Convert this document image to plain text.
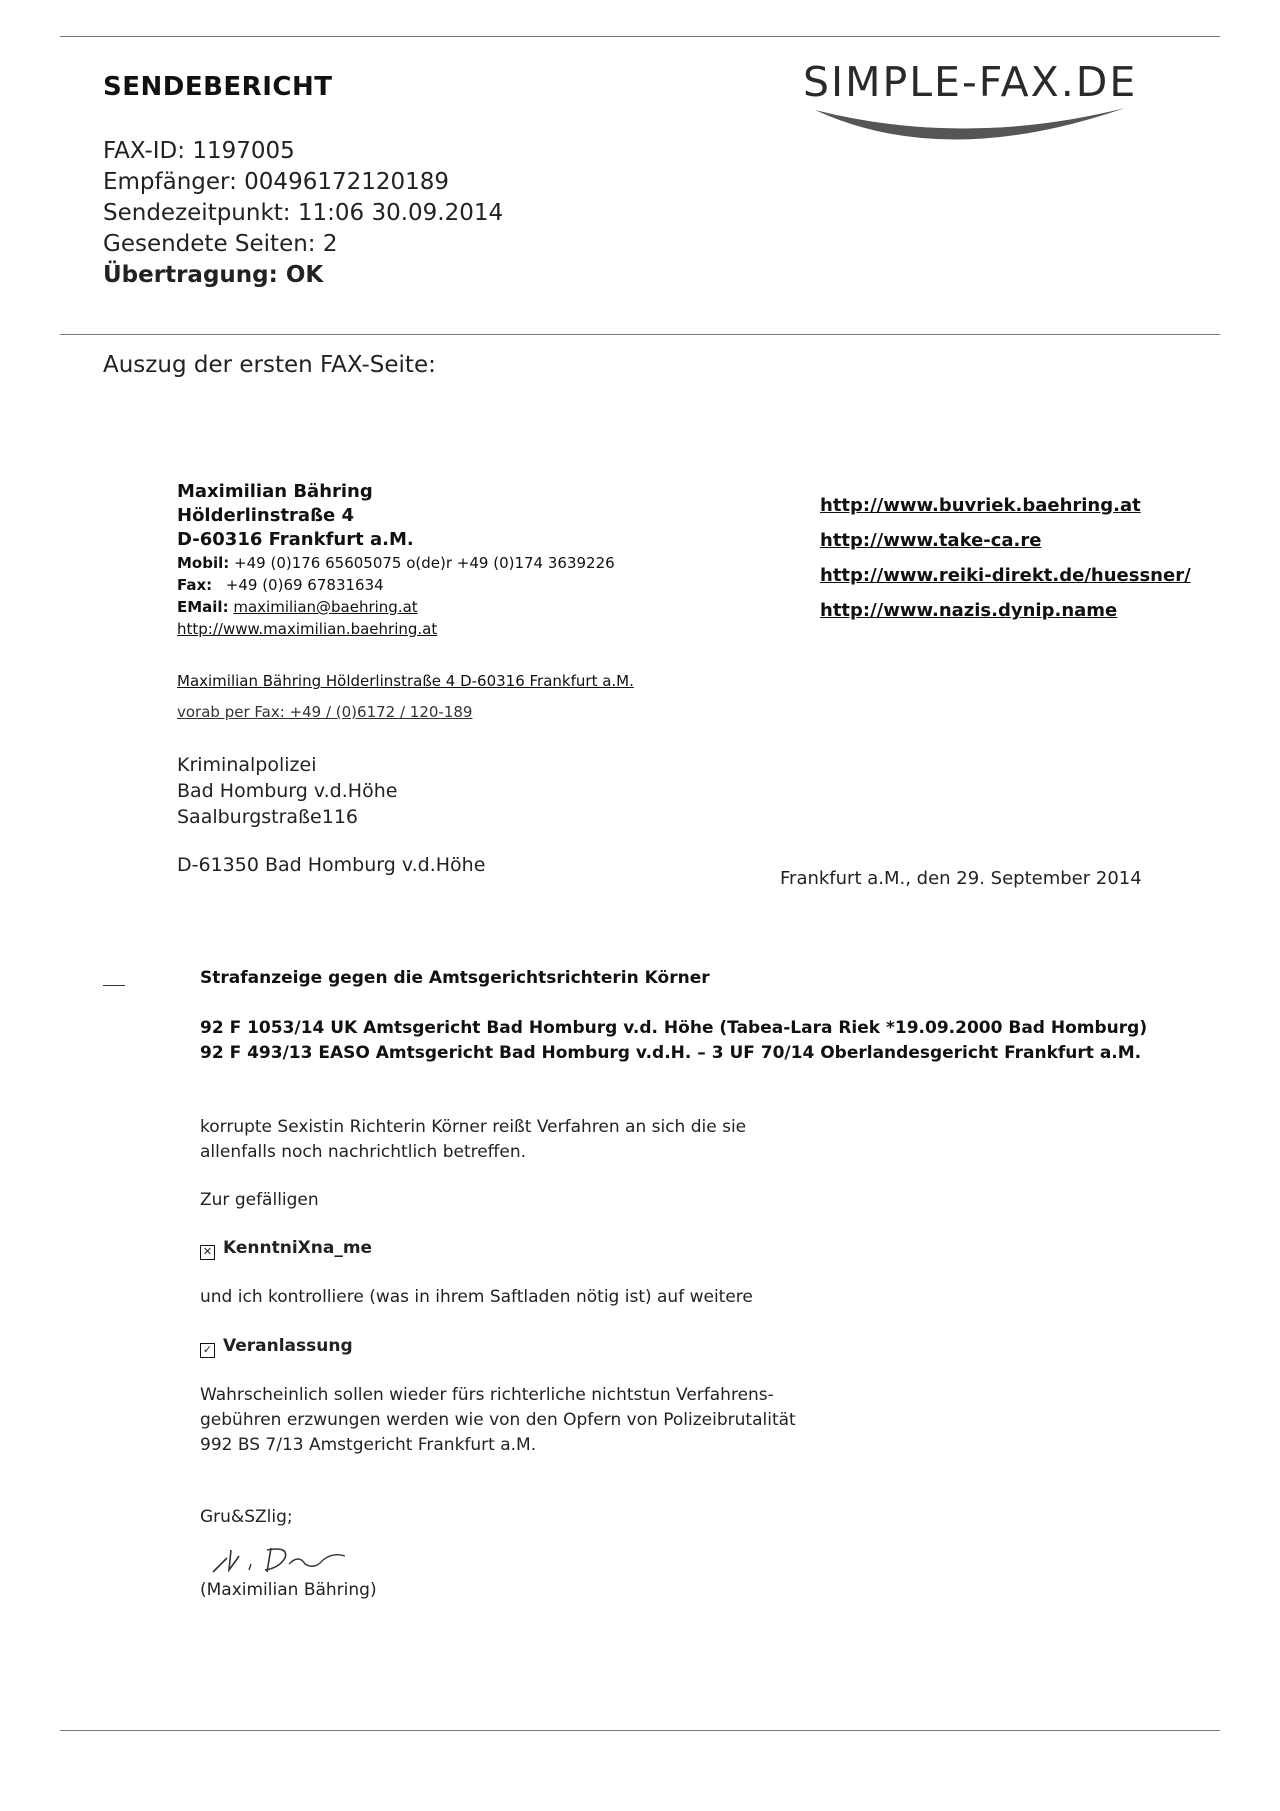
SENDEBERICHT	SIMPLE-FAX.DE
FAX-ID: 1197005
Empfänger: 00496172120189
Sendezeitpunkt: 11:06 30.09.2014
Gesendete Seiten: 2
Übertragung: OK
Auszug der ersten FAX-Seite:
Maximilian Bähring
Hölderlinstraße 4
D-60316 Frankfurt a.M.
Mobil: +49 (0)176 65605075 o(de)r +49 (0)174 3639226
Fax: +49 (0)69 67831634
EMail: maximilian@baehring.at
http://www.maximilian.baehring.at
http://www.buvriek.baehring.at
http://www.take-ca.re
http://www.reiki-direkt.de/huessner/
http://www.nazis.dynip.name
Maximilian Bähring Hölderlinstraße 4 D-60316 Frankfurt a.M.
vorab per Fax: +49 / (0)6172 / 120-189
Kriminalpolizei
Bad Homburg v.d.Höhe
Saalburgstraße116
D-61350 Bad Homburg v.d.Höhe
Frankfurt a.M., den 29. September 2014
Strafanzeige gegen die Amtsgerichtsrichterin Körner
92 F 1053/14 UK Amtsgericht Bad Homburg v.d. Höhe (Tabea-Lara Riek *19.09.2000 Bad Homburg)
92 F 493/13 EASO Amtsgericht Bad Homburg v.d.H. – 3 UF 70/14 Oberlandesgericht Frankfurt a.M.
korrupte Sexistin Richterin Körner reißt Verfahren an sich die sie
allenfalls noch nachrichtlich betreffen.
Zur gefälligen
✕ KenntniXna_me
und ich kontrolliere (was in ihrem Saftladen nötig ist) auf weitere
✓ Veranlassung
Wahrscheinlich sollen wieder fürs richterliche nichtstun Verfahrens-
gebühren erzwungen werden wie von den Opfern von Polizeibrutalität
992 BS 7/13 Amstgericht Frankfurt a.M.
Gru&SZlig;
(Maximilian Bähring)
